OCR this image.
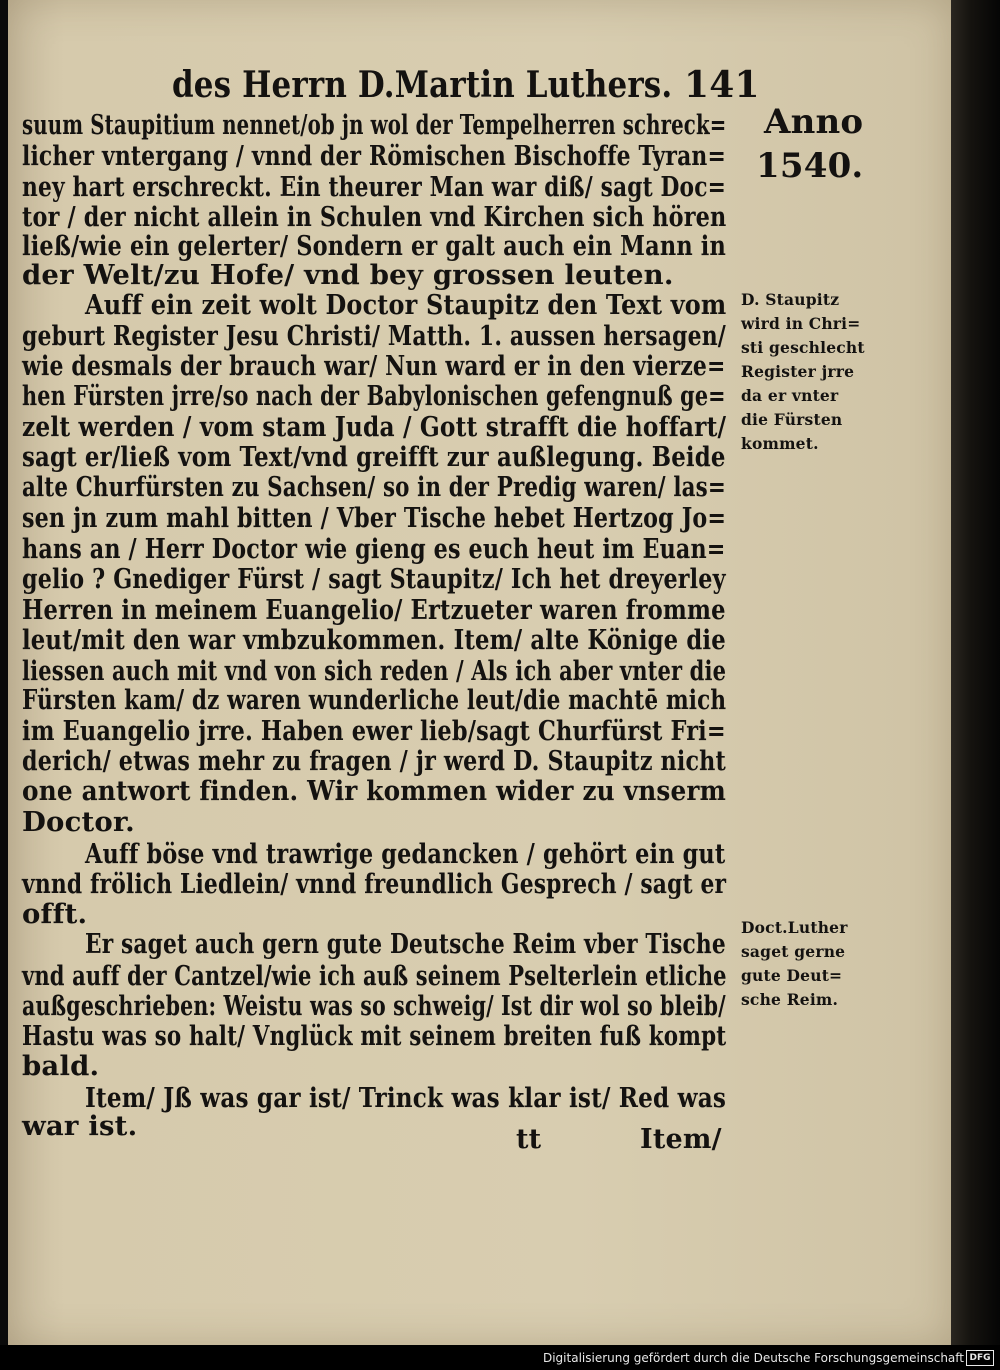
des Herrn D.Martin Luthers. 141
Anno
1540.
suum Staupitium nennet/ob jn wol der Tempelherren schreck=
licher vntergang / vnnd der Römischen Bischoffe Tyran=
ney hart erschreckt. Ein theurer Man war diß/ sagt Doc=
tor / der nicht allein in Schulen vnd Kirchen sich hören
ließ/wie ein gelerter/ Sondern er galt auch ein Mann in
der Welt/zu Hofe/ vnd bey grossen leuten.
Auff ein zeit wolt Doctor Staupitz den Text vom
geburt Register Jesu Christi/ Matth. 1. aussen hersagen/
wie desmals der brauch war/ Nun ward er in den vierze=
hen Fürsten jrre/so nach der Babylonischen gefengnuß ge=
zelt werden / vom stam Juda / Gott strafft die hoffart/
sagt er/ließ vom Text/vnd greifft zur außlegung. Beide
alte Churfürsten zu Sachsen/ so in der Predig waren/ las=
sen jn zum mahl bitten / Vber Tische hebet Hertzog Jo=
hans an / Herr Doctor wie gieng es euch heut im Euan=
gelio ? Gnediger Fürst / sagt Staupitz/ Ich het dreyerley
Herren in meinem Euangelio/ Ertzueter waren fromme
leut/mit den war vmbzukommen. Item/ alte Könige die
liessen auch mit vnd von sich reden / Als ich aber vnter die
Fürsten kam/ dz waren wunderliche leut/die machtē mich
im Euangelio jrre. Haben ewer lieb/sagt Churfürst Fri=
derich/ etwas mehr zu fragen / jr werd D. Staupitz nicht
one antwort finden. Wir kommen wider zu vnserm
Doctor.
Auff böse vnd trawrige gedancken / gehört ein gut
vnnd frölich Liedlein/ vnnd freundlich Gesprech / sagt er
offt.
Er saget auch gern gute Deutsche Reim vber Tische
vnd auff der Cantzel/wie ich auß seinem Pselterlein etliche
außgeschrieben: Weistu was so schweig/ Ist dir wol so bleib/
Hastu was so halt/ Vnglück mit seinem breiten fuß kompt
bald.
Item/ Jß was gar ist/ Trinck was klar ist/ Red was
war ist.
D. Staupitz
wird in Chri=
sti geschlecht
Register jrre
da er vnter
die Fürsten
kommet.
Doct.Luther
saget gerne
gute Deut=
sche Reim.
tt	Item/
Digitalisierung gefördert durch die Deutsche Forschungsgemeinschaft DFG
